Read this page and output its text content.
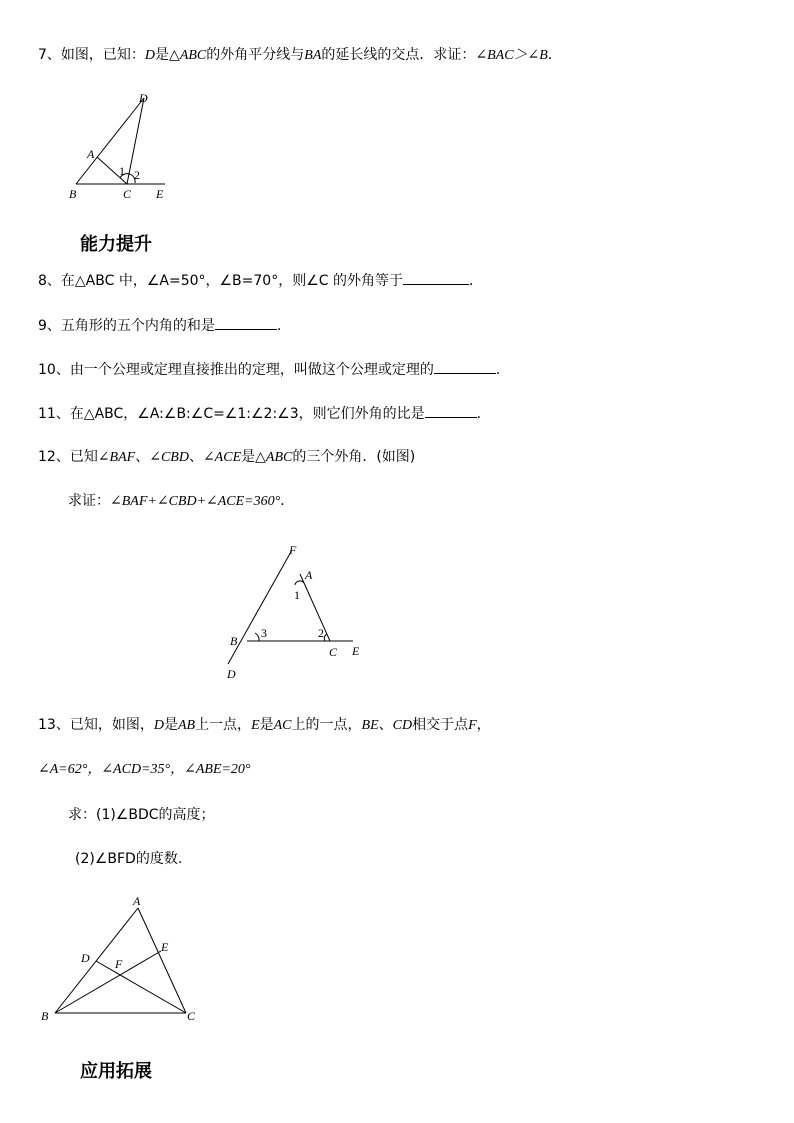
7、如图，已知：D是△ABC的外角平分线与BA的延长线的交点．求证：∠BAC＞∠B．
D
A
1 2
B	C E
能力提升
8、在△ABC 中，∠A=50°，∠B=70°，则∠C 的外角等于	.
9、五角形的五个内角的和是	.
10、由一个公理或定理直接推出的定理，叫做这个公理或定理的	.
11、在△ABC，∠A:∠B:∠C=∠1:∠2:∠3，则它们外角的比是	.
12、已知∠BAF、∠CBD、∠ACE是△ABC的三个外角．(如图)
求证：∠BAF+∠CBD+∠ACE=360°．
F
A
1
B
3	2
C E
D
13、已知，如图，D是AB上一点，E是AC上的一点，BE、CD相交于点F，
∠A=62°，∠ACD=35°，∠ABE=20°
求：(1)∠BDC的高度；
(2)∠BFD的度数.
A
D
E
F
B	C
应用拓展
